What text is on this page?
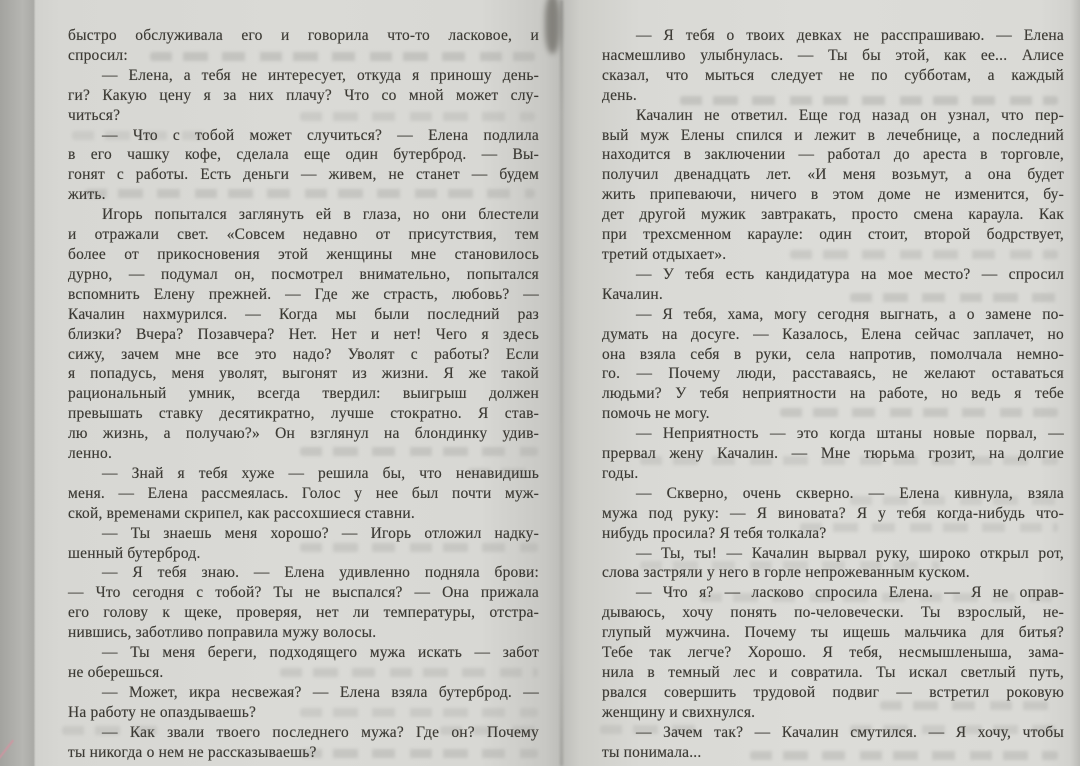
быстро обслуживала его и говорила что-то ласковое, и
спросил:
— Елена, а тебя не интересует, откуда я приношу день-
ги? Какую цену я за них плачу? Что со мной может слу-
читься?
— Что с тобой может случиться? — Елена подлила
в его чашку кофе, сделала еще один бутерброд. — Вы-
гонят с работы. Есть деньги — живем, не станет — будем
жить.
Игорь попытался заглянуть ей в глаза, но они блестели
и отражали свет. «Совсем недавно от присутствия, тем
более от прикосновения этой женщины мне становилось
дурно, — подумал он, посмотрел внимательно, попытался
вспомнить Елену прежней. — Где же страсть, любовь? —
Качалин нахмурился. — Когда мы были последний раз
близки? Вчера? Позавчера? Нет. Нет и нет! Чего я здесь
сижу, зачем мне все это надо? Уволят с работы? Если
я попадусь, меня уволят, выгонят из жизни. Я же такой
рациональный умник, всегда твердил: выигрыш должен
превышать ставку десятикратно, лучше стократно. Я став-
лю жизнь, а получаю?» Он взглянул на блондинку удив-
ленно.
— Знай я тебя хуже — решила бы, что ненавидишь
меня. — Елена рассмеялась. Голос у нее был почти муж-
ской, временами скрипел, как рассохшиеся ставни.
— Ты знаешь меня хорошо? — Игорь отложил надку-
шенный бутерброд.
— Я тебя знаю. — Елена удивленно подняла брови:
— Что сегодня с тобой? Ты не выспался? — Она прижала
его голову к щеке, проверяя, нет ли температуры, отстра-
нившись, заботливо поправила мужу волосы.
— Ты меня береги, подходящего мужа искать — забот
не оберешься.
— Может, икра несвежая? — Елена взяла бутерброд. —
На работу не опаздываешь?
— Как звали твоего последнего мужа? Где он? Почему
ты никогда о нем не рассказываешь?
— Я тебя о твоих девках не расспрашиваю. — Елена
насмешливо улыбнулась. — Ты бы этой, как ее... Алисе
сказал, что мыться следует не по субботам, а каждый
день.
Качалин не ответил. Еще год назад он узнал, что пер-
вый муж Елены спился и лежит в лечебнице, а последний
находится в заключении — работал до ареста в торговле,
получил двенадцать лет. «И меня возьмут, а она будет
жить припеваючи, ничего в этом доме не изменится, бу-
дет другой мужик завтракать, просто смена караула. Как
при трехсменном карауле: один стоит, второй бодрствует,
третий отдыхает».
— У тебя есть кандидатура на мое место? — спросил
Качалин.
— Я тебя, хама, могу сегодня выгнать, а о замене по-
думать на досуге. — Казалось, Елена сейчас заплачет, но
она взяла себя в руки, села напротив, помолчала немно-
го. — Почему люди, расставаясь, не желают оставаться
людьми? У тебя неприятности на работе, но ведь я тебе
помочь не могу.
— Неприятность — это когда штаны новые порвал, —
прервал жену Качалин. — Мне тюрьма грозит, на долгие
годы.
— Скверно, очень скверно. — Елена кивнула, взяла
мужа под руку: — Я виновата? Я у тебя когда-нибудь что-
нибудь просила? Я тебя толкала?
— Ты, ты! — Качалин вырвал руку, широко открыл рот,
слова застряли у него в горле непрожеванным куском.
— Что я? — ласково спросила Елена. — Я не оправ-
дываюсь, хочу понять по-человечески. Ты взрослый, не-
глупый мужчина. Почему ты ищешь мальчика для битья?
Тебе так легче? Хорошо. Я тебя, несмышленыша, зама-
нила в темный лес и совратила. Ты искал светлый путь,
рвался совершить трудовой подвиг — встретил роковую
женщину и свихнулся.
— Зачем так? — Качалин смутился. — Я хочу, чтобы
ты понимала...
